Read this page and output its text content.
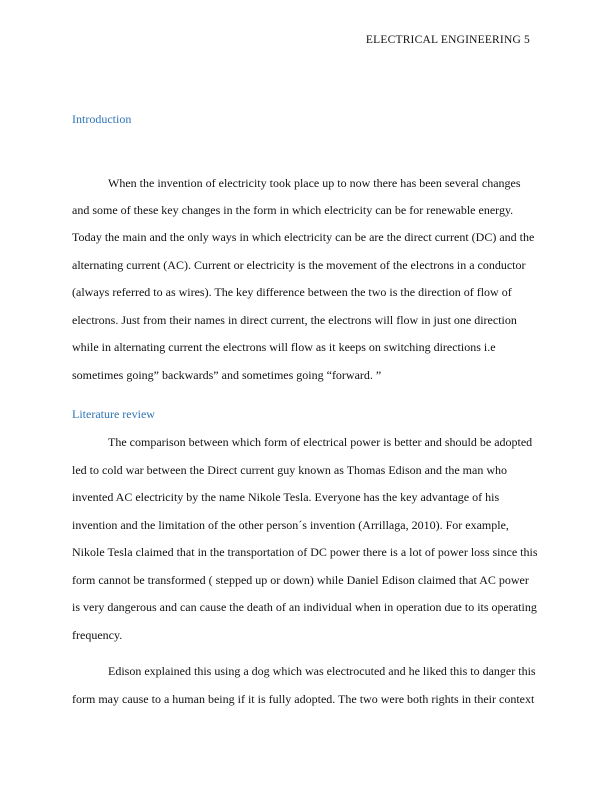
ELECTRICAL ENGINEERING 5
Introduction
When the invention of electricity took place up to now there has been several changes
and some of these key changes in the form in which electricity can be for renewable energy.
Today the main and the only ways in which electricity can be are the direct current (DC) and the
alternating current (AC). Current or electricity is the movement of the electrons in a conductor
(always referred to as wires). The key difference between the two is the direction of flow of
electrons. Just from their names in direct current, the electrons will flow in just one direction
while in alternating current the electrons will flow as it keeps on switching directions i.e
sometimes going” backwards” and sometimes going “forward. ”
Literature review
The comparison between which form of electrical power is better and should be adopted
led to cold war between the Direct current guy known as Thomas Edison and the man who
invented AC electricity by the name Nikole Tesla. Everyone has the key advantage of his
invention and the limitation of the other person´s invention (Arrillaga, 2010). For example,
Nikole Tesla claimed that in the transportation of DC power there is a lot of power loss since this
form cannot be transformed ( stepped up or down) while Daniel Edison claimed that AC power
is very dangerous and can cause the death of an individual when in operation due to its operating
frequency.
Edison explained this using a dog which was electrocuted and he liked this to danger this
form may cause to a human being if it is fully adopted. The two were both rights in their context
